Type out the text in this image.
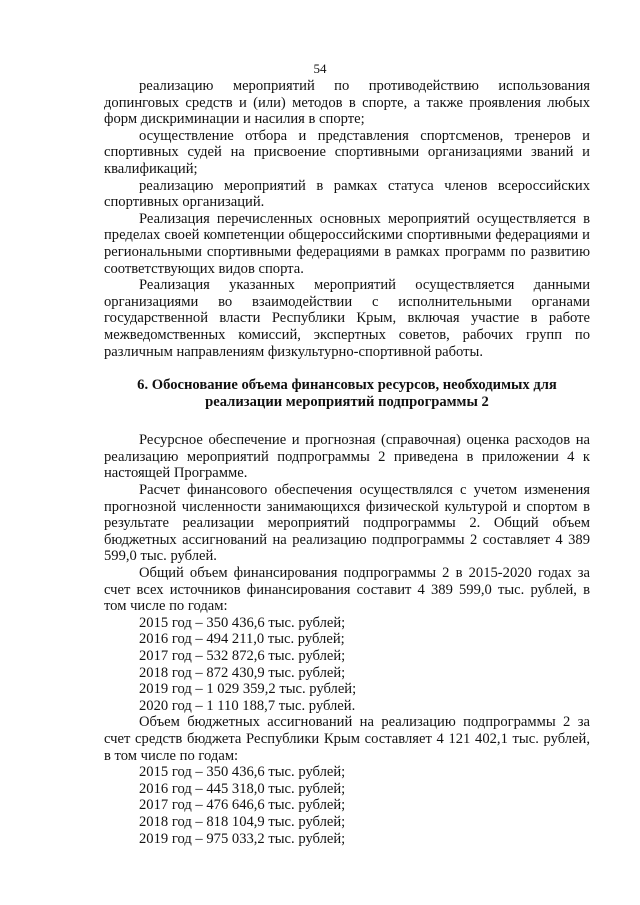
54

реализацию мероприятий по противодействию использования допинговых средств и (или) методов в спорте, а также проявления любых форм дискриминации и насилия в спорте;

осуществление отбора и представления спортсменов, тренеров и спортивных судей на присвоение спортивными организациями званий и квалификаций;

реализацию мероприятий в рамках статуса членов всероссийских спортивных организаций.

Реализация перечисленных основных мероприятий осуществляется в пределах своей компетенции общероссийскими спортивными федерациями и региональными спортивными федерациями в рамках программ по развитию соответствующих видов спорта.

Реализация указанных мероприятий осуществляется данными организациями во взаимодействии с исполнительными органами государственной власти Республики Крым, включая участие в работе межведомственных комиссий, экспертных советов, рабочих групп по различным направлениям физкультурно-спортивной работы.

6. Обоснование объема финансовых ресурсов, необходимых для реализации мероприятий подпрограммы 2

Ресурсное обеспечение и прогнозная (справочная) оценка расходов на реализацию мероприятий подпрограммы 2 приведена в приложении 4 к настоящей Программе.

Расчет финансового обеспечения осуществлялся с учетом изменения прогнозной численности занимающихся физической культурой и спортом в результате реализации мероприятий подпрограммы 2. Общий объем бюджетных ассигнований на реализацию подпрограммы 2 составляет 4 389 599,0 тыс. рублей.

Общий объем финансирования подпрограммы 2 в 2015-2020 годах за счет всех источников финансирования составит 4 389 599,0 тыс. рублей, в том числе по годам:

2015 год – 350 436,6 тыс. рублей;
2016 год – 494 211,0 тыс. рублей;
2017 год – 532 872,6 тыс. рублей;
2018 год – 872 430,9 тыс. рублей;
2019 год – 1 029 359,2 тыс. рублей;
2020 год – 1 110 188,7 тыс. рублей.

Объем бюджетных ассигнований на реализацию подпрограммы 2 за счет средств бюджета Республики Крым составляет 4 121 402,1 тыс. рублей, в том числе по годам:

2015 год – 350 436,6 тыс. рублей;
2016 год – 445 318,0 тыс. рублей;
2017 год – 476 646,6 тыс. рублей;
2018 год – 818 104,9 тыс. рублей;
2019 год – 975 033,2 тыс. рублей;
